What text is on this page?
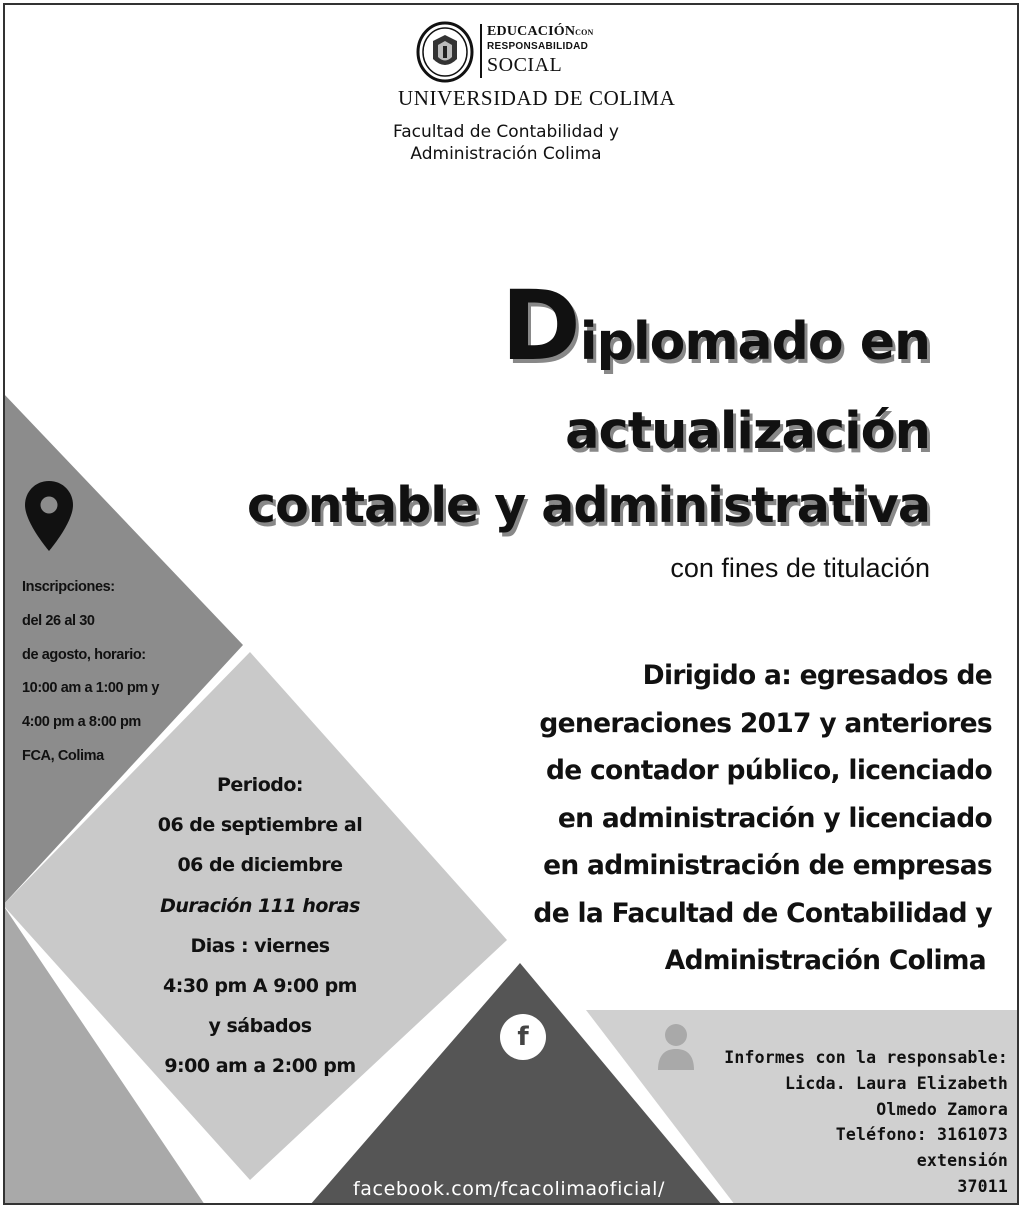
EDUCACIÓNCON
RESPONSABILIDAD
SOCIAL
UNIVERSIDAD DE COLIMA
Facultad de Contabilidad y
Administración Colima
Diplomado en
actualización
contable y administrativa
con fines de titulación
Dirigido a: egresados de
generaciones 2017 y anteriores
de contador público, licenciado
en administración y licenciado
en administración de empresas
de la Facultad de Contabilidad y
Administración Colima
Inscripciones:
del 26 al 30
de agosto, horario:
10:00 am a 1:00 pm y
4:00 pm a 8:00 pm
FCA, Colima
Periodo:
06 de septiembre al
06 de diciembre
Duración 111 horas
Dias : viernes
4:30 pm A 9:00 pm
y sábados
9:00 am a 2:00 pm
f
facebook.com/fcacolimaoficial/
Informes con la responsable:
Licda. Laura Elizabeth
Olmedo Zamora
Teléfono: 3161073
extensión
37011
